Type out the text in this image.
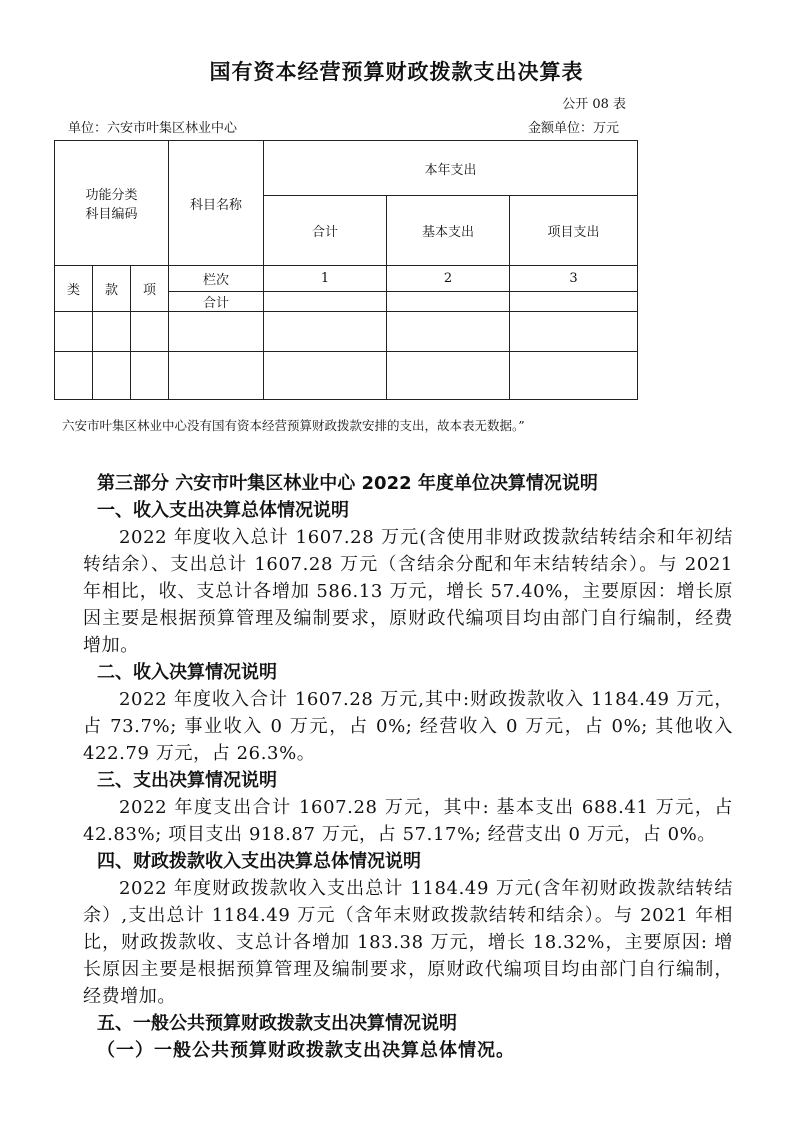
国有资本经营预算财政拨款支出决算表
公开 08 表
单位：六安市叶集区林业中心	金额单位：万元
功能分类
科目编码			科目名称	本年支出		
				合计	基本支出	项目支出
类	款	项	栏次	1	2	3
			合计			

六安市叶集区林业中心没有国有资本经营预算财政拨款安排的支出，故本表无数据。”

第三部分 六安市叶集区林业中心 2022 年度单位决算情况说明

一、收入支出决算总体情况说明

2022 年度收入总计 1607.28 万元(含使用非财政拨款结转结余和年初结转结余）、支出总计 1607.28 万元（含结余分配和年末结转结余）。与 2021 年相比，收、支总计各增加 586.13 万元，增长 57.40%，主要原因：增长原因主要是根据预算管理及编制要求，原财政代编项目均由部门自行编制，经费增加。

二、收入决算情况说明

2022 年度收入合计 1607.28 万元,其中:财政拨款收入 1184.49 万元，占 73.7%; 事业收入 0 万元，占 0%; 经营收入 0 万元，占 0%; 其他收入 422.79 万元，占 26.3%。

三、支出决算情况说明

2022 年度支出合计 1607.28 万元，其中: 基本支出 688.41 万元，占 42.83%; 项目支出 918.87 万元，占 57.17%; 经营支出 0 万元，占 0%。

四、财政拨款收入支出决算总体情况说明

2022 年度财政拨款收入支出总计 1184.49 万元(含年初财政拨款结转结余）,支出总计 1184.49 万元（含年末财政拨款结转和结余）。与 2021 年相比，财政拨款收、支总计各增加 183.38 万元，增长 18.32%，主要原因: 增长原因主要是根据预算管理及编制要求，原财政代编项目均由部门自行编制，经费增加。

五、一般公共预算财政拨款支出决算情况说明

（一）一般公共预算财政拨款支出决算总体情况。
